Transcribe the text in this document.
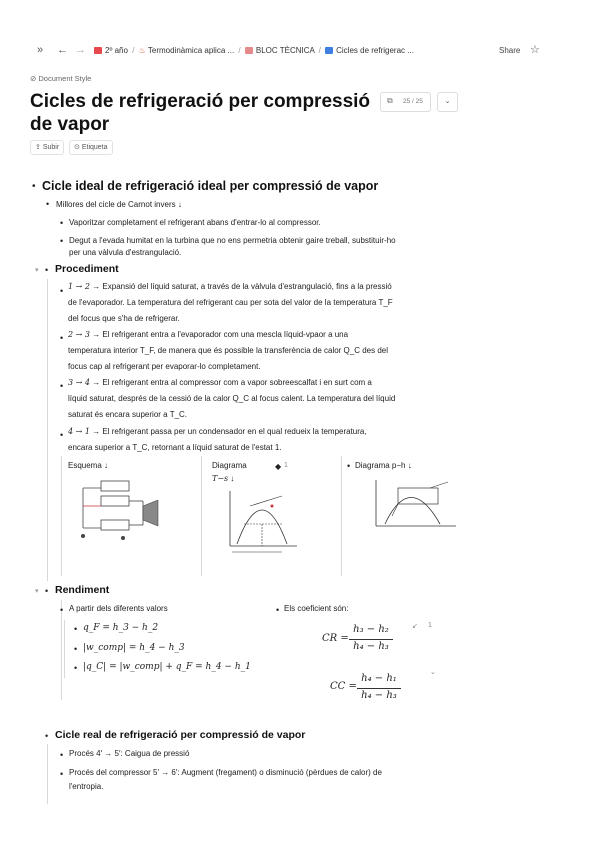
» ← →	2º año / ♨ Termodinàmica aplica ... / BLOC TÈCNICA / Cicles de refrigerac ...	Share ☆
⊘ Document Style
Cicles de refrigeració per compressió de vapor
⧉ 25 / 25	⌄
⇪ Subir	⊙ Etiqueta
• Cicle ideal de refrigeració ideal per compressió de vapor
• Millores del cicle de Carnot invers ↓
• Vaporitzar completament el refrigerant abans d'entrar-lo al compressor.
• Degut a l'evada humitat en la turbina que no ens permetria obtenir gaire treball, substituir-ho
per una vàlvula d'estrangulació.
▾ • Procediment
• 1 → 2 → Expansió del líquid saturat, a través de la vàlvula d'estrangulació, fins a la pressió
de l'evaporador. La temperatura del refrigerant cau per sota del valor de la temperatura T_F
del focus que s'ha de refrigerar.
• 2 → 3 → El refrigerant entra a l'evaporador com una mescla líquid-vpaor a una
temperatura interior T_F, de manera que és possible la transferència de calor Q_C des del
focus cap al refrigerant per evaporar-lo completament.
• 3 → 4 → El refrigerant entra al compressor com a vapor sobreescalfat i en surt com a
líquid saturat, després de la cessió de la calor Q_C al focus calent. La temperatura del líquid
saturat és encara superior a T_C.
• 4 → 1 → El refrigerant passa per un condensador en el qual redueix la temperatura,
encara superior a T_C, retornant a líquid saturat de l'estat 1.
Esquema ↓	Diagrama	◆ 1
T−s ↓
• Diagrama p−h ↓
▾ • Rendiment
• A partir dels diferents valors
• q_F = h_3 − h_2
• |w_comp| = h_4 − h_3
• |q_C| = |w_comp| + q_F = h_4 − h_1
• Els coeficient són:
CR =
h₃ − h₂
h₄ − h₃
↙ 1
⌄
CC =
h₄ − h₁
h₄ − h₃
• Cicle real de refrigeració per compressió de vapor
• Procés 4′ → 5′: Caigua de pressió
• Procés del compressor 5′ → 6′: Augment (fregament) o disminució (pèrdues de calor) de
l'entropia.
